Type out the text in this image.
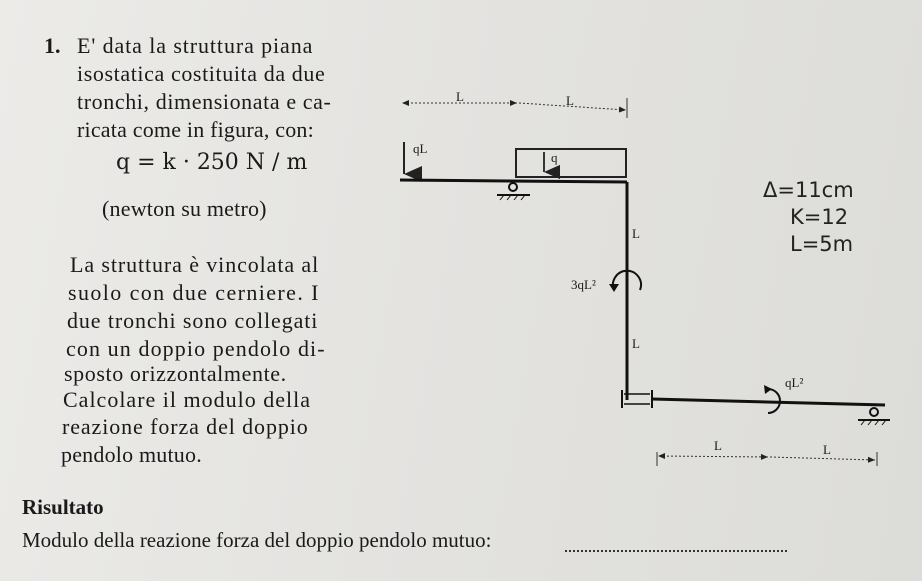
1. E' data la struttura piana
isostatica costituita da due
tronchi, dimensionata e ca-
ricata come in figura, con:
q = k · 250 N / m
(newton su metro)
La struttura è vincolata al
suolo con due cerniere. I
due tronchi sono collegati
con un doppio pendolo di-
sposto orizzontalmente.
Calcolare il modulo della
reazione forza del doppio
pendolo mutuo.
L	L
qL
q
L
3qL²
L
qL²
L	L
Δ=11cm
K=12
L=5m
Risultato
Modulo della reazione forza del doppio pendolo mutuo:
